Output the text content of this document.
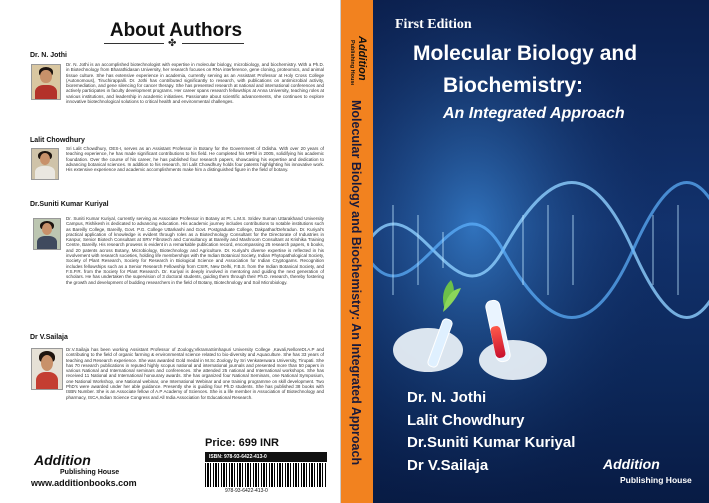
About Authors
✤
Dr. N. Jothi
Dr. N. Jothi is an accomplished biotechnologist with expertise in molecular biology, microbiology, and biochemistry. With a Ph.D. in Biotechnology from Bharathidasan University, her research focuses on RNA interference, gene cloning, proteomics, and animal tissue culture. She has extensive experience in academia, currently serving as an Assistant Professor at Holy Cross College (Autonomous), Tiruchirappalli. Dr. Jothi has contributed significantly to research, with publications on antimicrobial activity, bioremediation, and gene silencing for cancer therapy. She has presented research at national and international conferences and actively participates in faculty development programs. Her career spans research fellowships at Anna University, teaching roles at various institutions, and leadership in academic initiatives. Passionate about scientific advancements, she continues to explore innovative biotechnological solutions to critical health and environmental challenges.
Lalit Chowdhury
Sri Lalit Chowdhury, OES-I, serves as an Assistant Professor in Botany for the Government of Odisha. With over 20 years of teaching experience, he has made significant contributions to his field. He completed his MPhil in 2005, solidifying his academic foundation. Over the course of his career, he has published four research papers, showcasing his expertise and dedication to advancing botanical sciences. In addition to his research, Sri Lalit Chowdhury holds four patents highlighting his innovative work. His extensive experience and academic accomplishments make him a distinguished figure in the field of botany.
Dr.Suniti Kumar Kuriyal
Dr. Suniti Kumar Kuriyal, currently serving as Associate Professor in Botany at Pt. L.M.S. Sridev Suman Uttarakhand University Campus, Rishikesh is dedicated to advancing education. His academic journey includes contributions to notable institutions such as Bareilly College, Bareilly, Govt. P.G. College Uttarkashi and Govt. Postgraduate College, Dakpathar/Dehradun. Dr. Kuriyal's practical application of knowledge is evident through roles as a Biotechnology Consultant for the Directorate of Industries in Kanpur, Senior Biotech Consultant at SRV Fibrotech and Consultancy at Bareilly and Mashroom Consultant at Krishika Training Centre, Bareilly. His research prowess is evident in a remarkable publication record, encompassing 25 research papers, 6 books, and 20 patents across Botany, Microbiology, Biotechnology and Agriculture. Dr. Kuriyal's diverse expertise is reflected in his involvement with research societies, holding life memberships with the Indian Botanical Society, Indian Phytopathological Society, Society of Plant Research, Society for Research in Biological Science and Association for Indian Cryptogams. Recognition includes fellowships such as a Senior Research Fellowship from CSIR, New Delhi, F.B.S. from the Indian Botanical Society, and F.S.P.R. from the Society for Plant Research. Dr. Kuriyal is deeply involved in mentoring and guiding the next generation of scholars. He has undertaken the supervision of 3 doctoral students, guiding them through their Ph.D. research, thereby fostering the growth and development of budding researchers in the field of Botany, Biotechnology and Soil Microbiology.
Dr V.Sailaja
Dr.V.Sailaja has been working Assistant Professor of Zoology,VikramaSimhapuri University College ,Kavali,NelloreDt.A.P and contributing to the field of organic farming & environmental science related to bio-diversity and Aquaculture. She has 33 years of teaching and Research experience. She was awarded Gold medal in M.Sc Zoology by Sri Venkateswara University, Tirupati. She has 70 research publications in reputed highly scopus national and international journals and presented more than 50 papers in various National and International seminars and conferences. She attended 25 national and International workshops. She has received 11 National and International honourary awards. She has organized four National Seminars, one National Symposium, one National Workshop, one National webinar, one International Webinar and one training programme on skill development. Two PhD's were awarded under her able guidance. Presently she is guiding four Ph.D students. She has published 38 books with ISBN Number. She is an Associate fellow of A.P Academy of Sciences. She is a life member in Association of Biotechnology and pharmacy, ISCA,Indian Science Congress and All India Association for Educational Research.
Addition
Publishing House
www.additionbooks.com
Price: 699 INR
ISBN: 978-93-6422-413-0
978-93-6422-413-0
Addition
Publishing House
Molecular Biology and Biochemistry: An Integrated Approach
First Edition
Molecular Biology and
Biochemistry:
An Integrated Approach
Dr. N. Jothi
Lalit Chowdhury
Dr.Suniti Kumar Kuriyal
Dr V.Sailaja	Addition
Publishing House
